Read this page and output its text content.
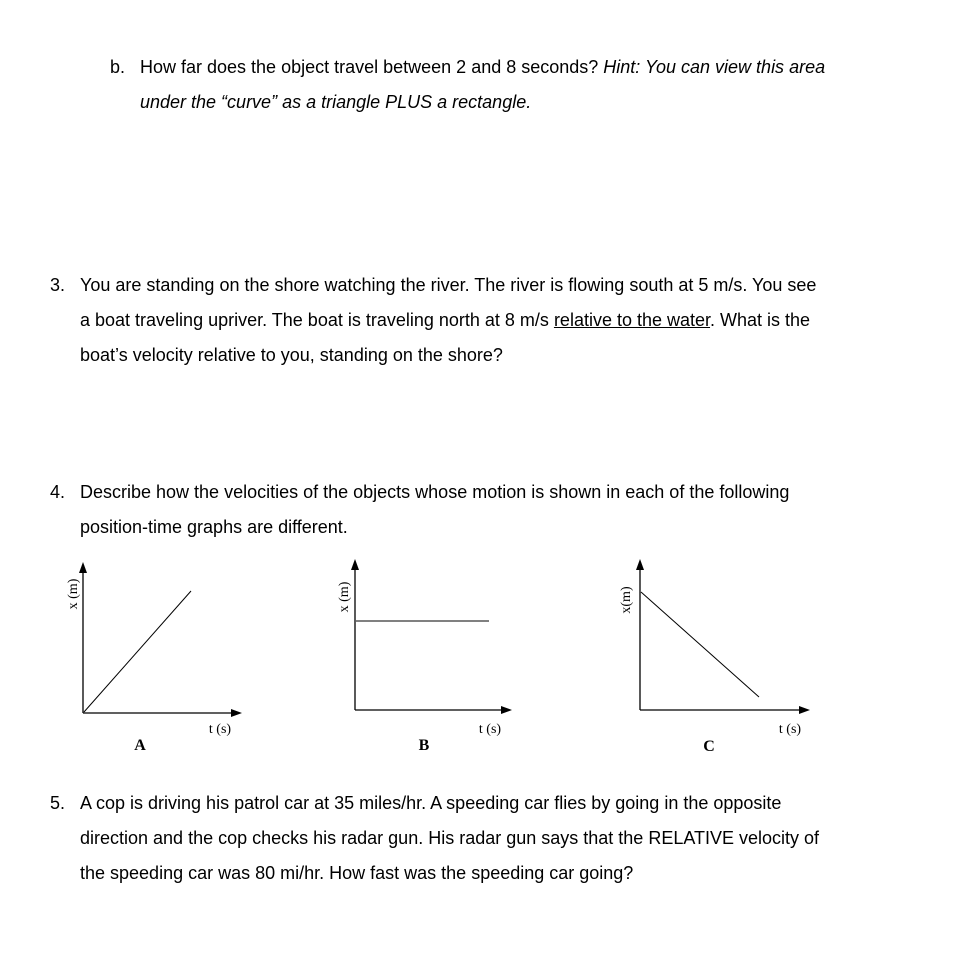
b. How far does the object travel between 2 and 8 seconds? Hint: You can view this area
under the “curve” as a triangle PLUS a rectangle.
3. You are standing on the shore watching the river. The river is flowing south at 5 m/s. You see
a boat traveling upriver. The boat is traveling north at 8 m/s relative to the water. What is the
boat’s velocity relative to you, standing on the shore?
4. Describe how the velocities of the objects whose motion is shown in each of the following
position-time graphs are different.
x (m)
t (s)
A
x (m)
t (s)
B
x(m)
t (s)
C
5. A cop is driving his patrol car at 35 miles/hr. A speeding car flies by going in the opposite
direction and the cop checks his radar gun. His radar gun says that the RELATIVE velocity of
the speeding car was 80 mi/hr. How fast was the speeding car going?
